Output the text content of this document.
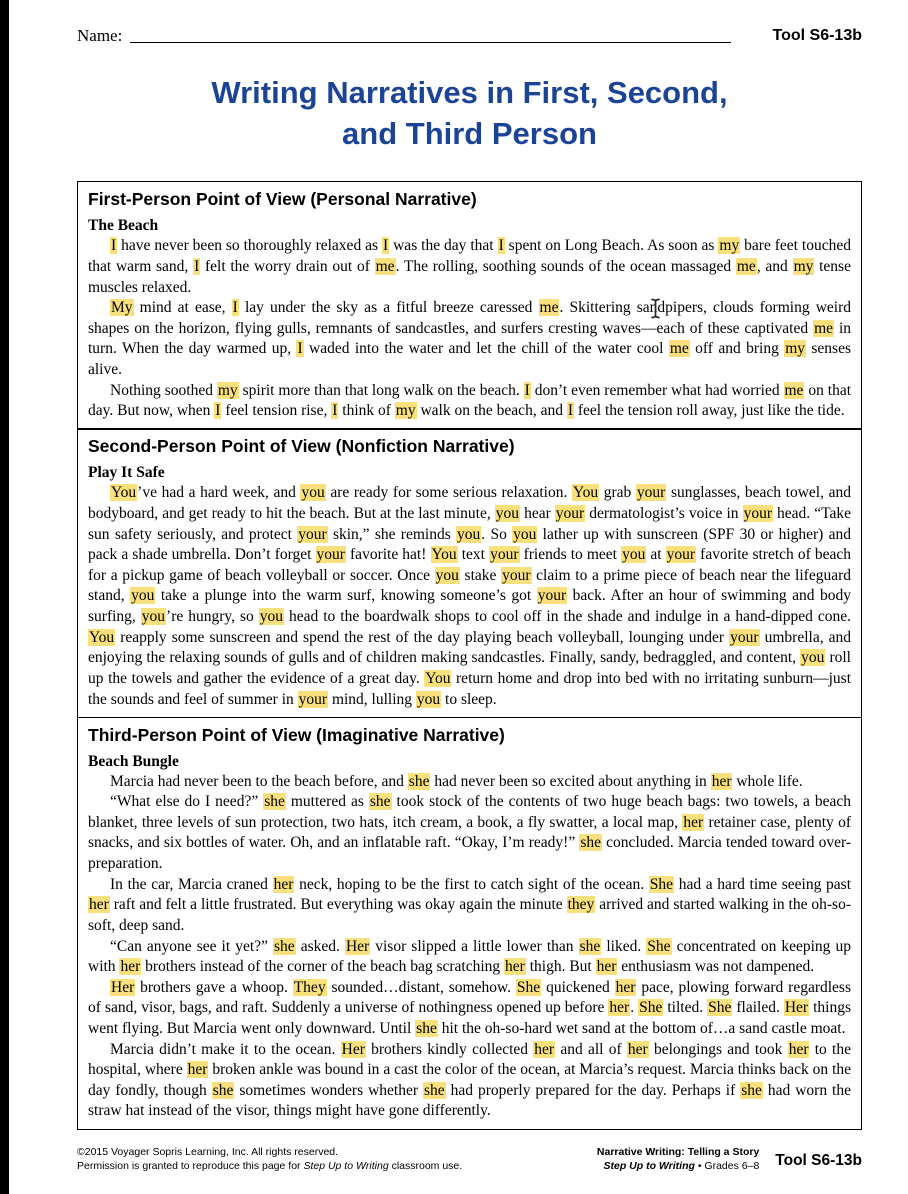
Name:	Tool S6-13b
Writing Narratives in First, Second,
and Third Person
First-Person Point of View (Personal Narrative)
The Beach

I have never been so thoroughly relaxed as I was the day that I spent on Long Beach. As soon as my bare feet touched that warm sand, I felt the worry drain out of me. The rolling, soothing sounds of the ocean massaged me, and my tense muscles relaxed.

My mind at ease, I lay under the sky as a fitful breeze caressed me. Skittering sandpipers, clouds forming weird shapes on the horizon, flying gulls, remnants of sandcastles, and surfers cresting waves—each of these captivated me in turn. When the day warmed up, I waded into the water and let the chill of the water cool me off and bring my senses alive.

Nothing soothed my spirit more than that long walk on the beach. I don’t even remember what had worried me on that day. But now, when I feel tension rise, I think of my walk on the beach, and I feel the tension roll away, just like the tide.

Second-Person Point of View (Nonfiction Narrative)
Play It Safe

You’ve had a hard week, and you are ready for some serious relaxation. You grab your sunglasses, beach towel, and bodyboard, and get ready to hit the beach. But at the last minute, you hear your dermatologist’s voice in your head. “Take sun safety seriously, and protect your skin,” she reminds you. So you lather up with sunscreen (SPF 30 or higher) and pack a shade umbrella. Don’t forget your favorite hat! You text your friends to meet you at your favorite stretch of beach for a pickup game of beach volleyball or soccer. Once you stake your claim to a prime piece of beach near the lifeguard stand, you take a plunge into the warm surf, knowing someone’s got your back. After an hour of swimming and body surfing, you’re hungry, so you head to the boardwalk shops to cool off in the shade and indulge in a hand-dipped cone. You reapply some sunscreen and spend the rest of the day playing beach volleyball, lounging under your umbrella, and enjoying the relaxing sounds of gulls and of children making sandcastles. Finally, sandy, bedraggled, and content, you roll up the towels and gather the evidence of a great day. You return home and drop into bed with no irritating sunburn—just the sounds and feel of summer in your mind, lulling you to sleep.

Third-Person Point of View (Imaginative Narrative)
Beach Bungle

Marcia had never been to the beach before, and she had never been so excited about anything in her whole life.

“What else do I need?” she muttered as she took stock of the contents of two huge beach bags: two towels, a beach blanket, three levels of sun protection, two hats, itch cream, a book, a fly swatter, a local map, her retainer case, plenty of snacks, and six bottles of water. Oh, and an inflatable raft. “Okay, I’m ready!” she concluded. Marcia tended toward over-preparation.

In the car, Marcia craned her neck, hoping to be the first to catch sight of the ocean. She had a hard time seeing past her raft and felt a little frustrated. But everything was okay again the minute they arrived and started walking in the oh-so-soft, deep sand.

“Can anyone see it yet?” she asked. Her visor slipped a little lower than she liked. She concentrated on keeping up with her brothers instead of the corner of the beach bag scratching her thigh. But her enthusiasm was not dampened.

Her brothers gave a whoop. They sounded…distant, somehow. She quickened her pace, plowing forward regardless of sand, visor, bags, and raft. Suddenly a universe of nothingness opened up before her. She tilted. She flailed. Her things went flying. But Marcia went only downward. Until she hit the oh-so-hard wet sand at the bottom of…a sand castle moat.

Marcia didn’t make it to the ocean. Her brothers kindly collected her and all of her belongings and took her to the hospital, where her broken ankle was bound in a cast the color of the ocean, at Marcia’s request. Marcia thinks back on the day fondly, though she sometimes wonders whether she had properly prepared for the day. Perhaps if she had worn the straw hat instead of the visor, things might have gone differently.

©2015 Voyager Sopris Learning, Inc. All rights reserved.
Permission is granted to reproduce this page for Step Up to Writing classroom use.
Narrative Writing: Telling a Story
Step Up to Writing • Grades 6–8 Tool S6-13b
